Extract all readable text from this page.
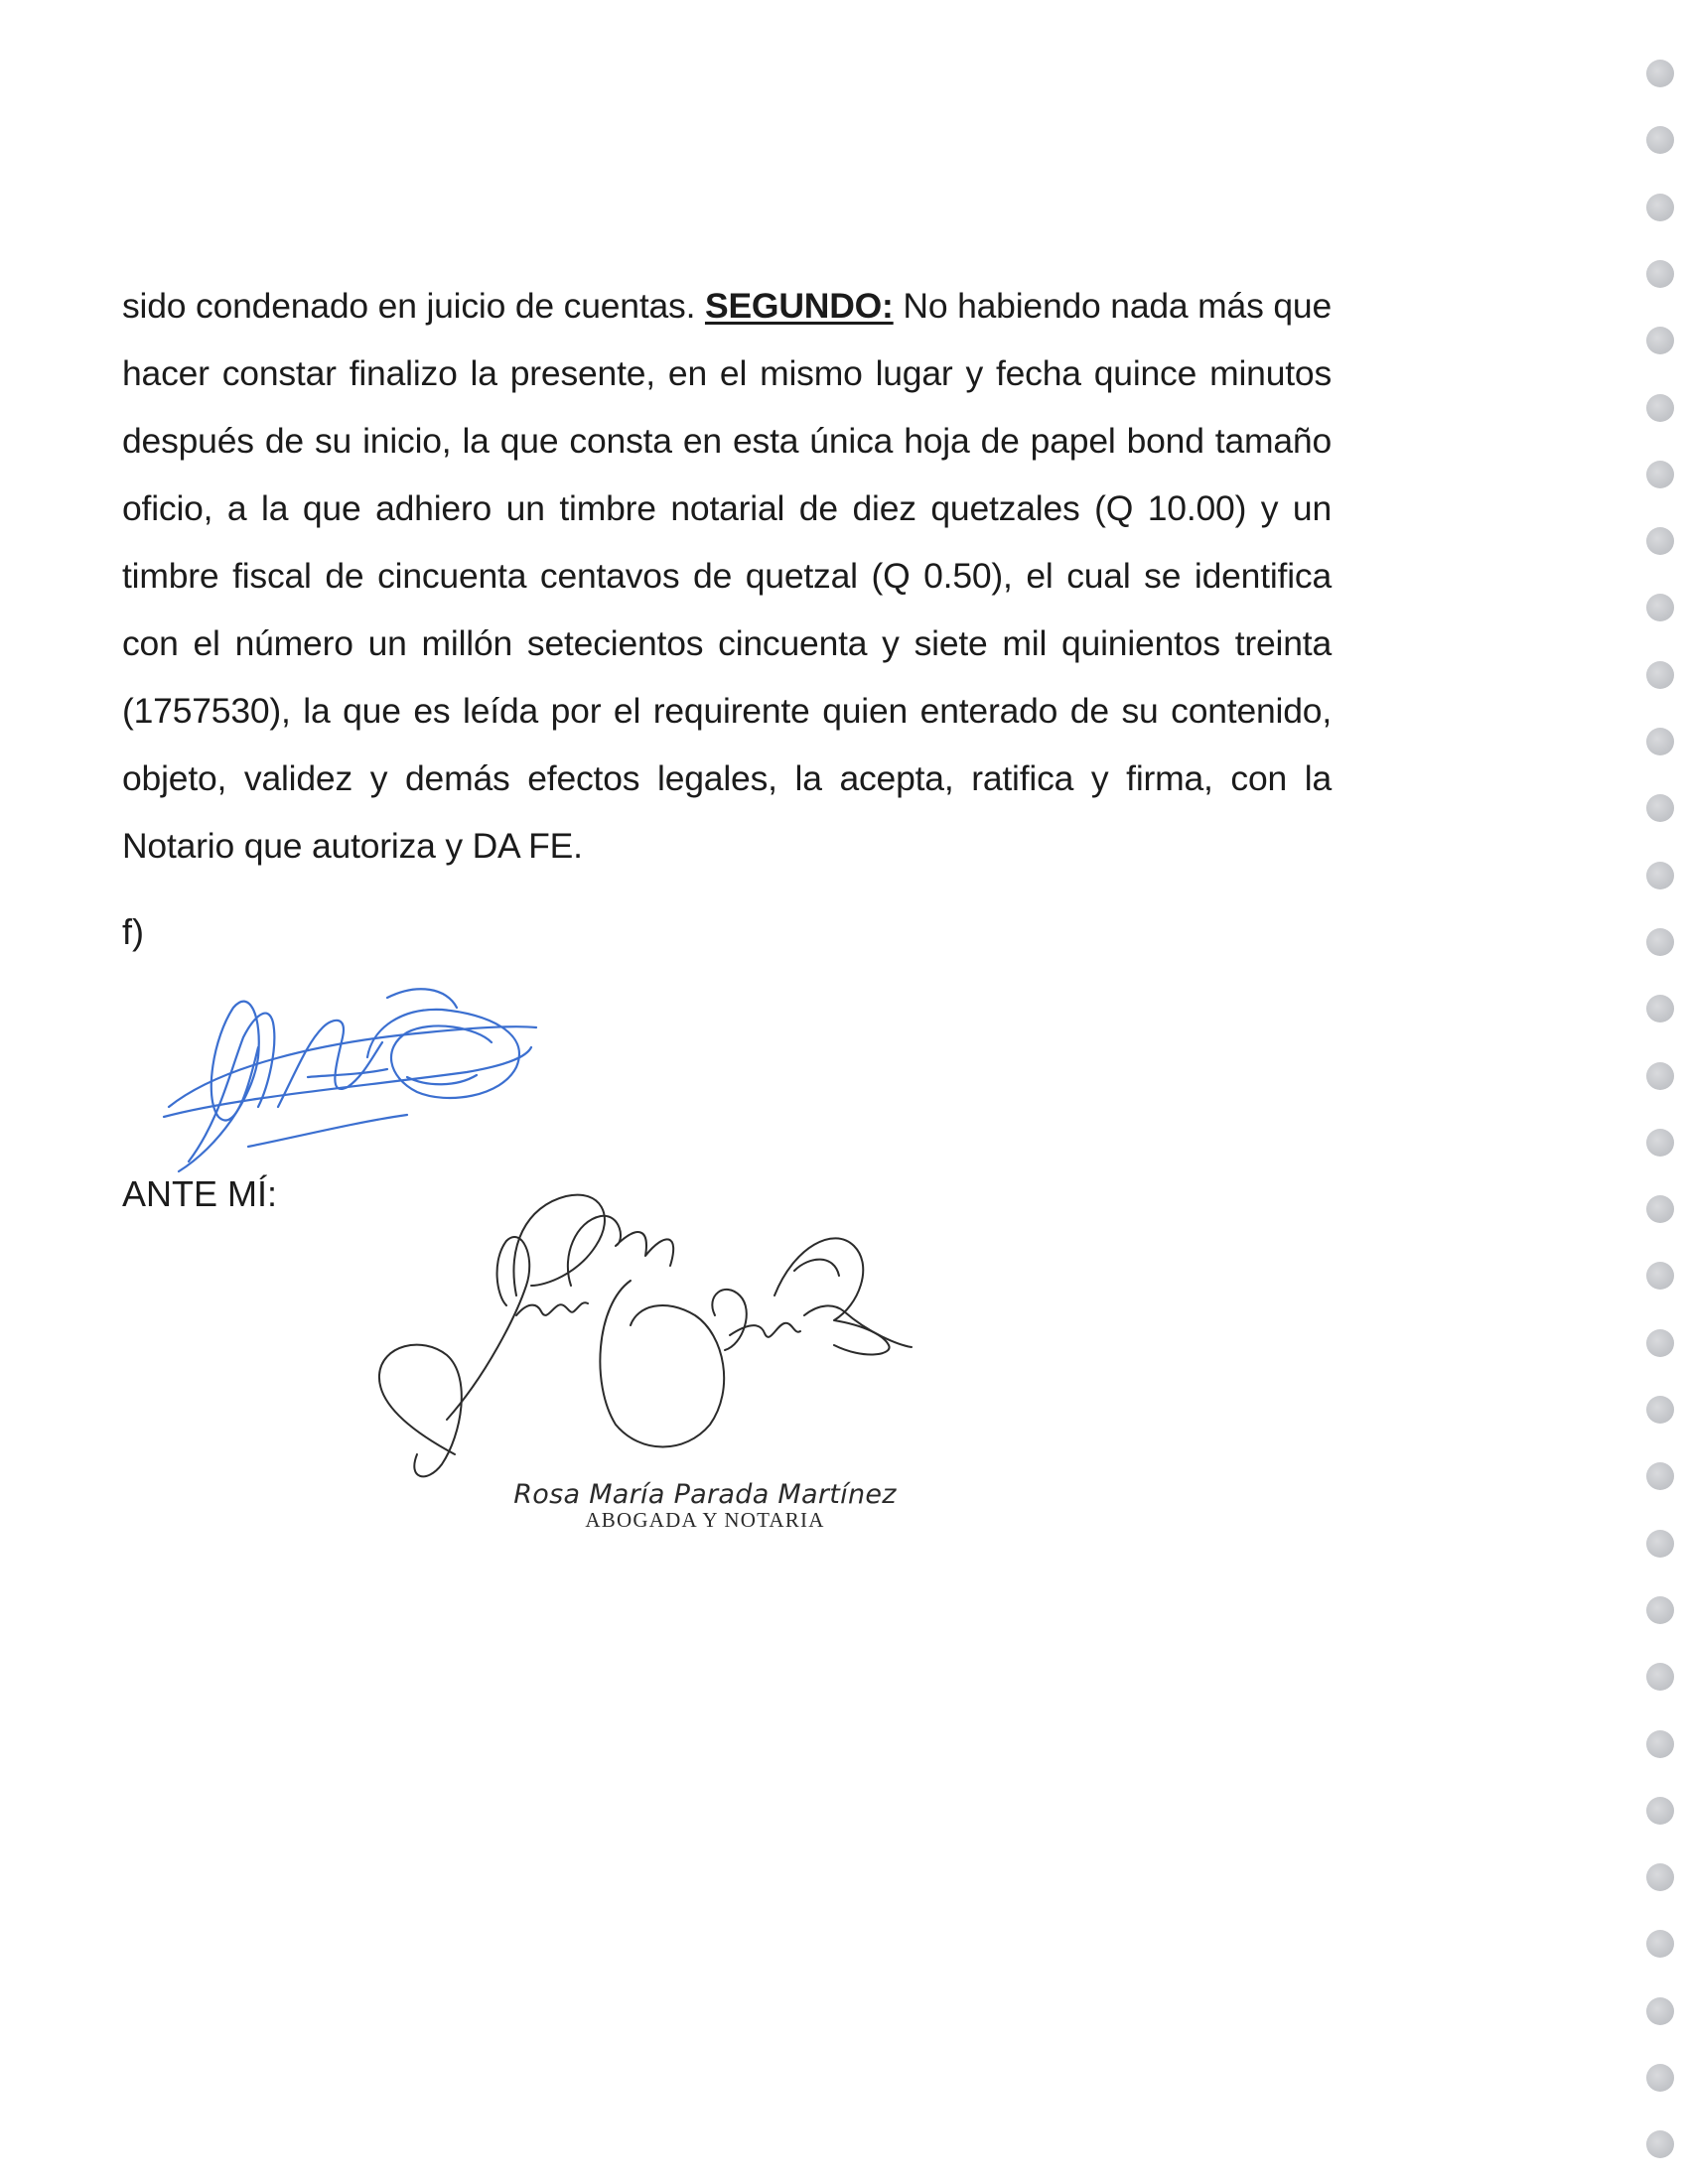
sido condenado en juicio de cuentas. SEGUNDO: No habiendo nada más que hacer constar finalizo la presente, en el mismo lugar y fecha quince minutos después de su inicio, la que consta en esta única hoja de papel bond tamaño oficio, a la que adhiero un timbre notarial de diez quetzales (Q 10.00) y un timbre fiscal de cincuenta centavos de quetzal (Q 0.50), el cual se identifica con el número un millón setecientos cincuenta y siete mil quinientos treinta (1757530), la que es leída por el requirente quien enterado de su contenido, objeto, validez y demás efectos legales, la acepta, ratifica y firma, con la Notario que autoriza y DA FE.

f)
ANTE MÍ:
Rosa María Parada Martínez
ABOGADA Y NOTARIA
